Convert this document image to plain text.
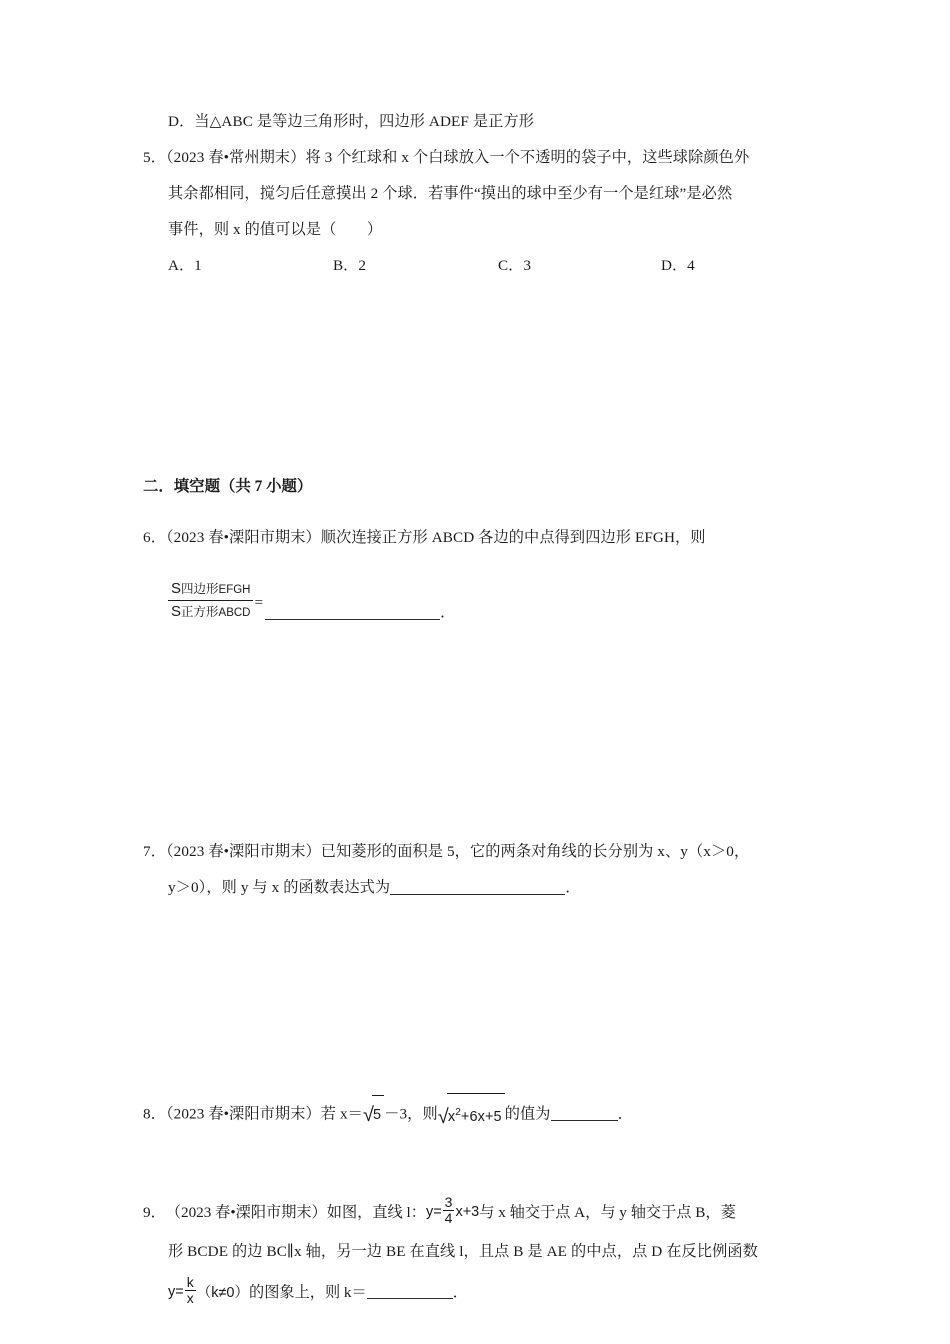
D．当△ABC 是等边三角形时，四边形 ADEF 是正方形
5．（2023 春•常州期末）将 3 个红球和 x 个白球放入一个不透明的袋子中，这些球除颜色外
其余都相同，搅匀后任意摸出 2 个球．若事件“摸出的球中至少有一个是红球”是必然
事件，则 x 的值可以是（　　）
A．1	B．2	C．3	D．4
二．填空题（共 7 小题）
6．（2023 春•溧阳市期末）顺次连接正方形 ABCD 各边的中点得到四边形 EFGH，则
S四边形EFGH
S正方形ABCD
=
．
7．（2023 春•溧阳市期末）已知菱形的面积是 5，它的两条对角线的长分别为 x、y（x＞0，
y＞0），则 y 与 x 的函数表达式为	．
8．（2023 春•溧阳市期末）若 x＝√5 －3，则$√x^2+6x+5$ 的值为	．
9． （2023 春•溧阳市期末） 如图，直线 l： $y= \frac{3}{4} x+3$ 与 x 轴交于点 A，与 y 轴交于点 B，菱
形 BCDE 的边 BC∥x 轴，另一边 BE 在直线 l，且点 B 是 AE 的中点，点 D 在反比例函数
$y= \frac{k}{x} (k\ne 0)$ 的图象上，则 k＝	．
